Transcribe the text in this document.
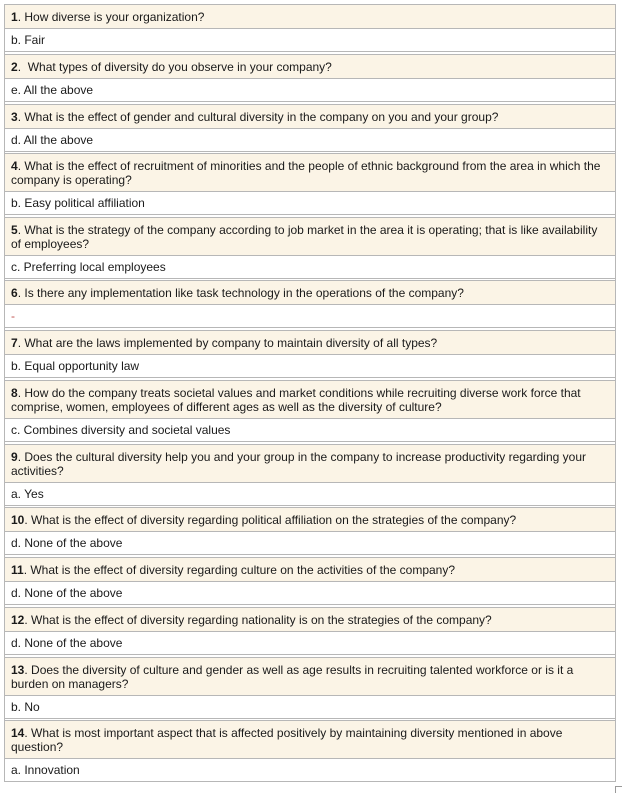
1. How diverse is your organization?
b. Fair

2.  What types of diversity do you observe in your company?
e. All the above

3. What is the effect of gender and cultural diversity in the company on you and your group?
d. All the above

4. What is the effect of recruitment of minorities and the people of ethnic background from the area in which the company is operating?
b. Easy political affiliation

5. What is the strategy of the company according to job market in the area it is operating; that is like availability of employees?
c. Preferring local employees

6. Is there any implementation like task technology in the operations of the company?
-

7. What are the laws implemented by company to maintain diversity of all types?
b. Equal opportunity law

8. How do the company treats societal values and market conditions while recruiting diverse work force that comprise, women, employees of different ages as well as the diversity of culture?
c. Combines diversity and societal values

9. Does the cultural diversity help you and your group in the company to increase productivity regarding your activities?
a. Yes

10. What is the effect of diversity regarding political affiliation on the strategies of the company?
d. None of the above

11. What is the effect of diversity regarding culture on the activities of the company?
d. None of the above

12. What is the effect of diversity regarding nationality is on the strategies of the company?
d. None of the above

13. Does the diversity of culture and gender as well as age results in recruiting talented workforce or is it a burden on managers?
b. No

14. What is most important aspect that is affected positively by maintaining diversity mentioned in above question?
a. Innovation
